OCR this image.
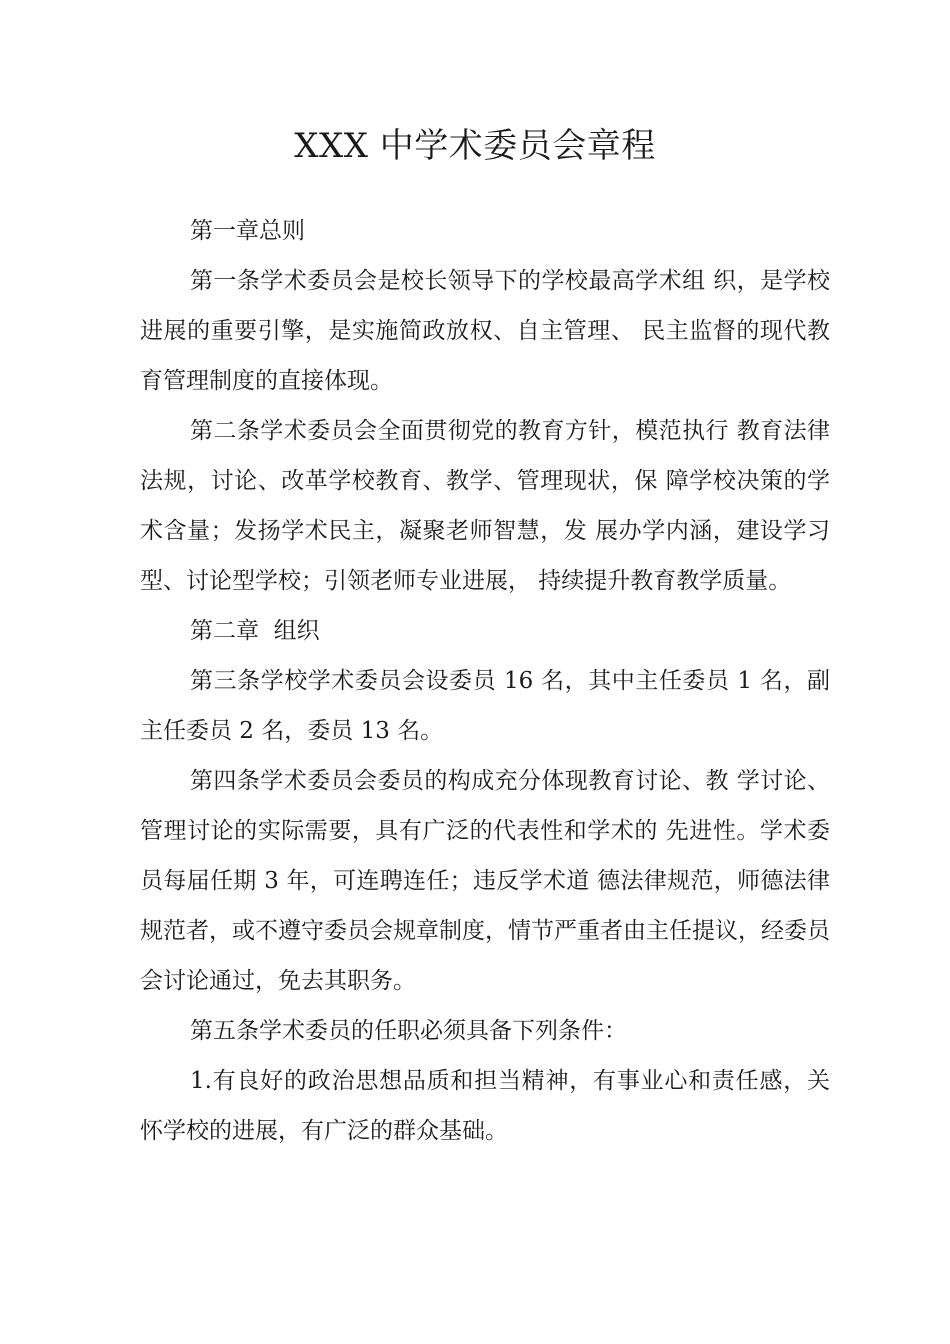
XXX 中学术委员会章程

第一章总则

第一条学术委员会是校长领导下的学校最高学术组 织，是学校进展的重要引擎，是实施简政放权、自主管理、 民主监督的现代教育管理制度的直接体现。

第二条学术委员会全面贯彻党的教育方针，模范执行 教育法律法规，讨论、改革学校教育、教学、管理现状，保 障学校决策的学术含量；发扬学术民主，凝聚老师智慧，发 展办学内涵，建设学习型、讨论型学校；引领老师专业进展， 持续提升教育教学质量。

第二章  组织

第三条学校学术委员会设委员 16 名，其中主任委员 1 名，副主任委员 2 名，委员 13 名。

第四条学术委员会委员的构成充分体现教育讨论、教 学讨论、管理讨论的实际需要，具有广泛的代表性和学术的 先进性。学术委员每届任期 3 年，可连聘连任；违反学术道 德法律规范，师德法律规范者，或不遵守委员会规章制度，情节严重者由主任提议，经委员会讨论通过，免去其职务。

第五条学术委员的任职必须具备下列条件：

1.有良好的政治思想品质和担当精神，有事业心和责任感，关怀学校的进展，有广泛的群众基础。
